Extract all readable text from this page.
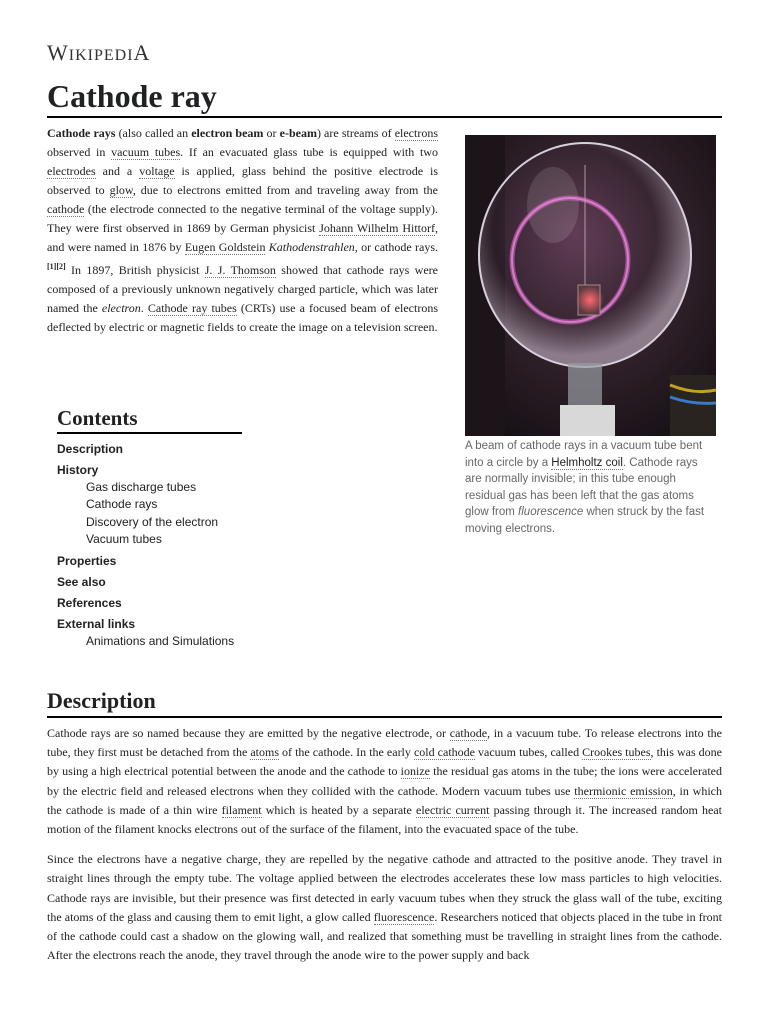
WIKIPEDIA
Cathode ray

Cathode rays (also called an electron beam or e-beam) are streams of electrons observed in vacuum tubes. If an evacuated glass tube is equipped with two electrodes and a voltage is applied, glass behind the positive electrode is observed to glow, due to electrons emitted from and traveling away from the cathode (the electrode connected to the negative terminal of the voltage supply). They were first observed in 1869 by German physicist Johann Wilhelm Hittorf, and were named in 1876 by Eugen Goldstein Kathodenstrahlen, or cathode rays.[1][2] In 1897, British physicist J. J. Thomson showed that cathode rays were composed of a previously unknown negatively charged particle, which was later named the electron. Cathode ray tubes (CRTs) use a focused beam of electrons deflected by electric or magnetic fields to create the image on a television screen.

A beam of cathode rays in a vacuum tube bent into a circle by a Helmholtz coil. Cathode rays are normally invisible; in this tube enough residual gas has been left that the gas atoms glow from fluorescence when struck by the fast moving electrons.
Contents
Description
History
Gas discharge tubes
Cathode rays
Discovery of the electron
Vacuum tubes
Properties
See also
References
External links
Animations and Simulations
Description

Cathode rays are so named because they are emitted by the negative electrode, or cathode, in a vacuum tube. To release electrons into the tube, they first must be detached from the atoms of the cathode. In the early cold cathode vacuum tubes, called Crookes tubes, this was done by using a high electrical potential between the anode and the cathode to ionize the residual gas atoms in the tube; the ions were accelerated by the electric field and released electrons when they collided with the cathode. Modern vacuum tubes use thermionic emission, in which the cathode is made of a thin wire filament which is heated by a separate electric current passing through it. The increased random heat motion of the filament knocks electrons out of the surface of the filament, into the evacuated space of the tube.

Since the electrons have a negative charge, they are repelled by the negative cathode and attracted to the positive anode. They travel in straight lines through the empty tube. The voltage applied between the electrodes accelerates these low mass particles to high velocities. Cathode rays are invisible, but their presence was first detected in early vacuum tubes when they struck the glass wall of the tube, exciting the atoms of the glass and causing them to emit light, a glow called fluorescence. Researchers noticed that objects placed in the tube in front of the cathode could cast a shadow on the glowing wall, and realized that something must be travelling in straight lines from the cathode. After the electrons reach the anode, they travel through the anode wire to the power supply and back
